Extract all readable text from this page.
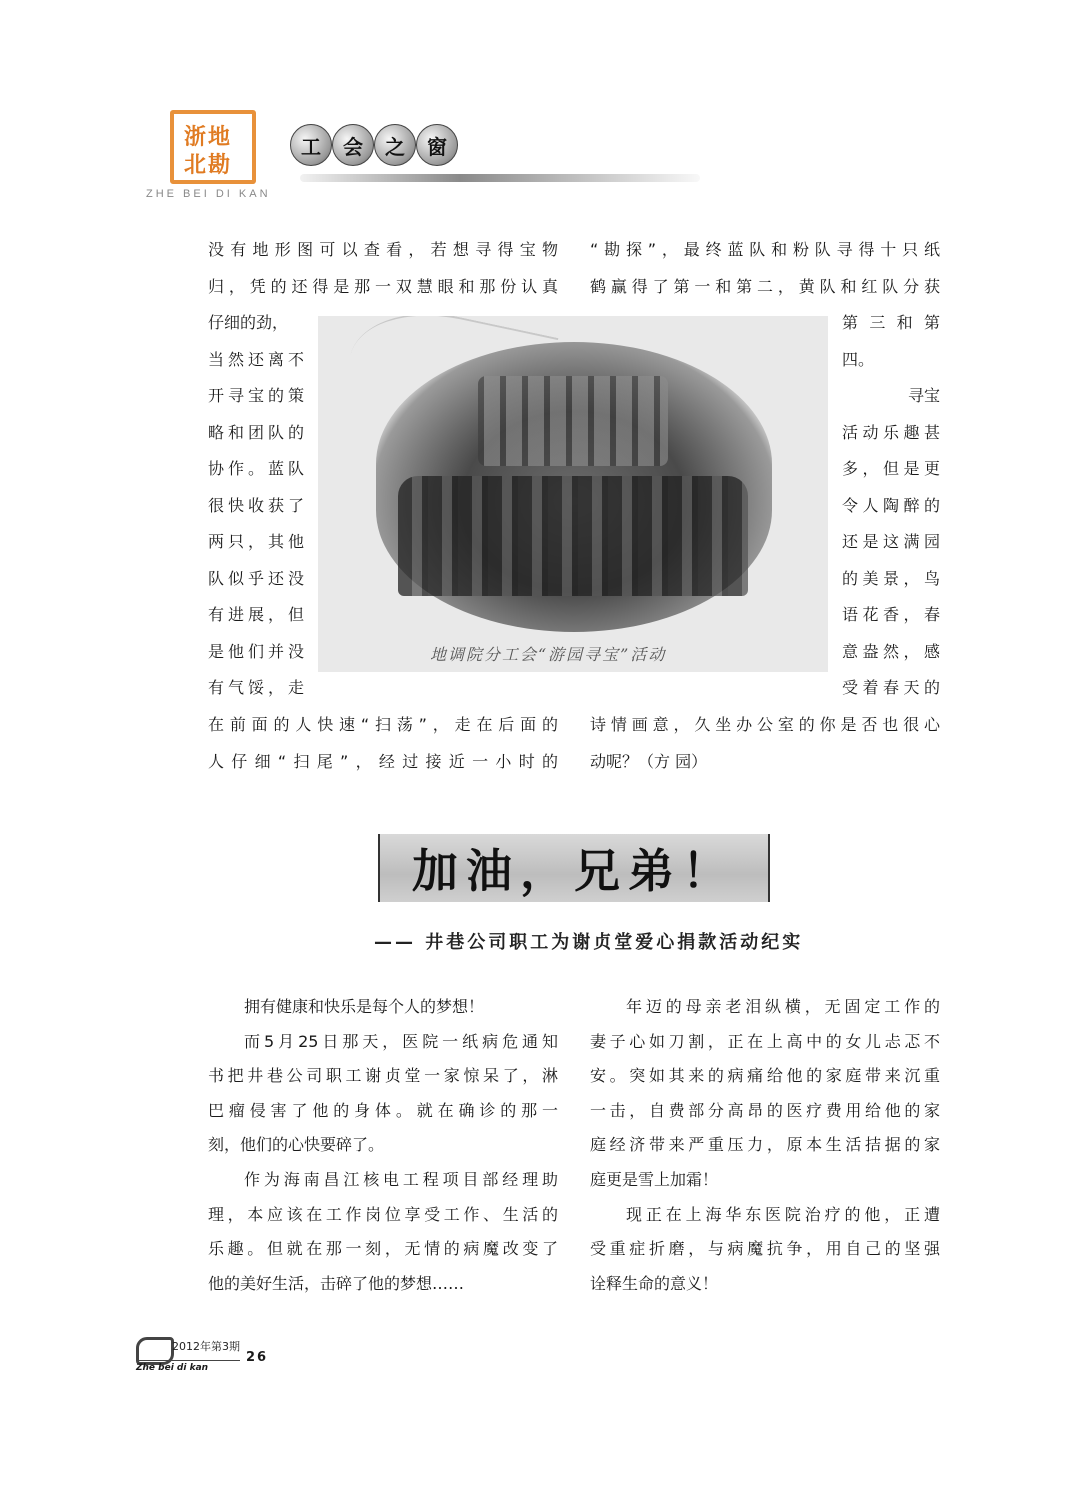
浙地
北勘
ZHE BEI DI KAN
工	会	之	窗
没有地形图可以查看，若想寻得宝物
归，凭的还得是那一双慧眼和那份认真
仔细的劲，
当然还离不
开寻宝的策
略和团队的
协作。蓝队
很快收获了
两只，其他
队似乎还没
有进展，但
是他们并没
有气馁，走
在前面的人快速“扫荡”，走在后面的
人仔细“扫尾”，经过接近一小时的
“勘探”，最终蓝队和粉队寻得十只纸
鹤赢得了第一和第二，黄队和红队分获
第三和第
四。
寻宝
活动乐趣甚
多，但是更
令人陶醉的
还是这满园
的美景，鸟
语花香，春
意盎然，感
受着春天的
诗情画意，久坐办公室的你是否也很心
动呢？（方 园）
地调院分工会“游园寻宝”活动
加油，兄弟！
—— 井巷公司职工为谢贞堂爱心捐款活动纪实
拥有健康和快乐是每个人的梦想！
而5月25日那天，医院一纸病危通知
书把井巷公司职工谢贞堂一家惊呆了，淋
巴瘤侵害了他的身体。就在确诊的那一
刻，他们的心快要碎了。
作为海南昌江核电工程项目部经理助
理，本应该在工作岗位享受工作、生活的
乐趣。但就在那一刻，无情的病魔改变了
他的美好生活，击碎了他的梦想……
年迈的母亲老泪纵横，无固定工作的
妻子心如刀割，正在上高中的女儿忐忑不
安。突如其来的病痛给他的家庭带来沉重
一击，自费部分高昂的医疗费用给他的家
庭经济带来严重压力，原本生活拮据的家
庭更是雪上加霜！
现正在上海华东医院治疗的他，正遭
受重症折磨，与病魔抗争，用自己的坚强
诠释生命的意义！
2012年第3期
26
Zhe bei di kan
